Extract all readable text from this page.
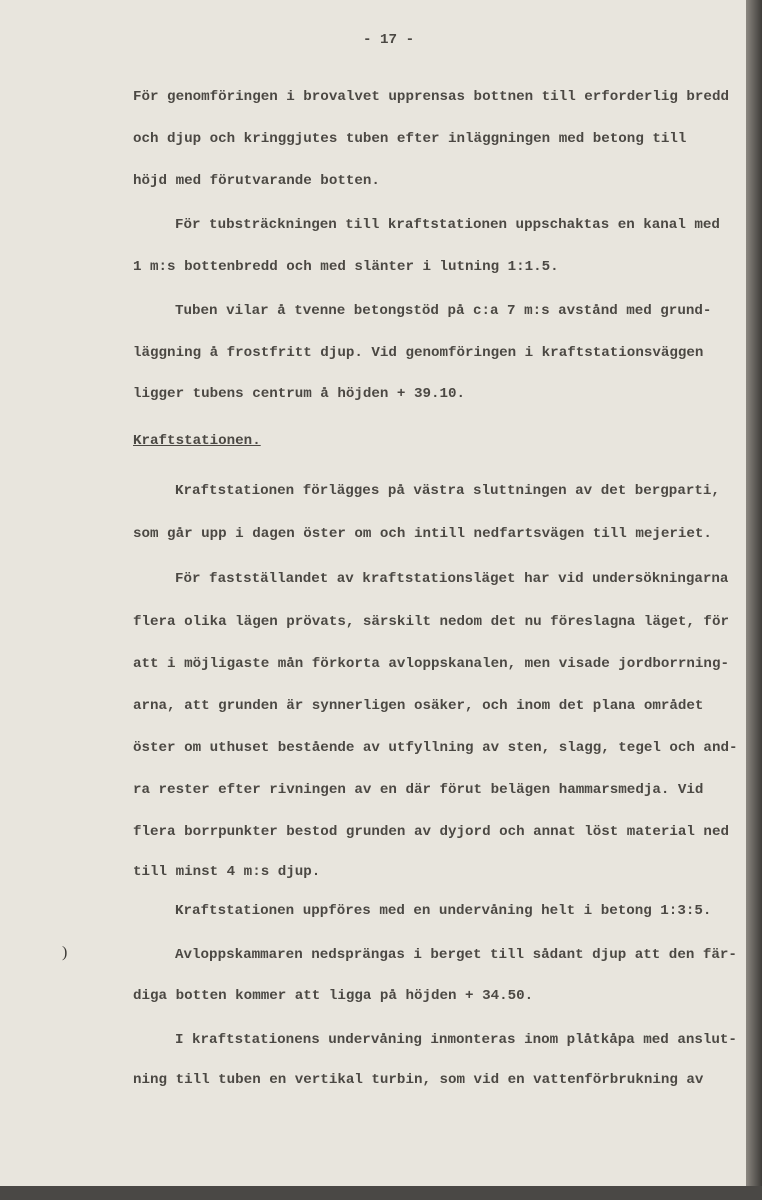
- 17 -
För genomföringen i brovalvet upprensas bottnen till erforderlig bredd
och djup och kringgjutes tuben efter inläggningen med betong till
höjd med förutvarande botten.
För tubsträckningen till kraftstationen uppschaktas en kanal med
1 m:s bottenbredd och med slänter i lutning 1:1.5.
Tuben vilar å tvenne betongstöd på c:a 7 m:s avstånd med grund-
läggning å frostfritt djup. Vid genomföringen i kraftstationsväggen
ligger tubens centrum å höjden + 39.10.
Kraftstationen.
Kraftstationen förlägges på västra sluttningen av det bergparti,
som går upp i dagen öster om och intill nedfartsvägen till mejeriet.
För fastställandet av kraftstationsläget har vid undersökningarna
flera olika lägen prövats, särskilt nedom det nu föreslagna läget, för
att i möjligaste mån förkorta avloppskanalen, men visade jordborrning-
arna, att grunden är synnerligen osäker, och inom det plana området
öster om uthuset bestående av utfyllning av sten, slagg, tegel och and-
ra rester efter rivningen av en där förut belägen hammarsmedja. Vid
flera borrpunkter bestod grunden av dyjord och annat löst material ned
till minst 4 m:s djup.
Kraftstationen uppföres med en undervåning helt i betong 1:3:5.
Avloppskammaren nedsprängas i berget till sådant djup att den fär-
diga botten kommer att ligga på höjden + 34.50.
I kraftstationens undervåning inmonteras inom plåtkåpa med anslut-
ning till tuben en vertikal turbin, som vid en vattenförbrukning av
)
